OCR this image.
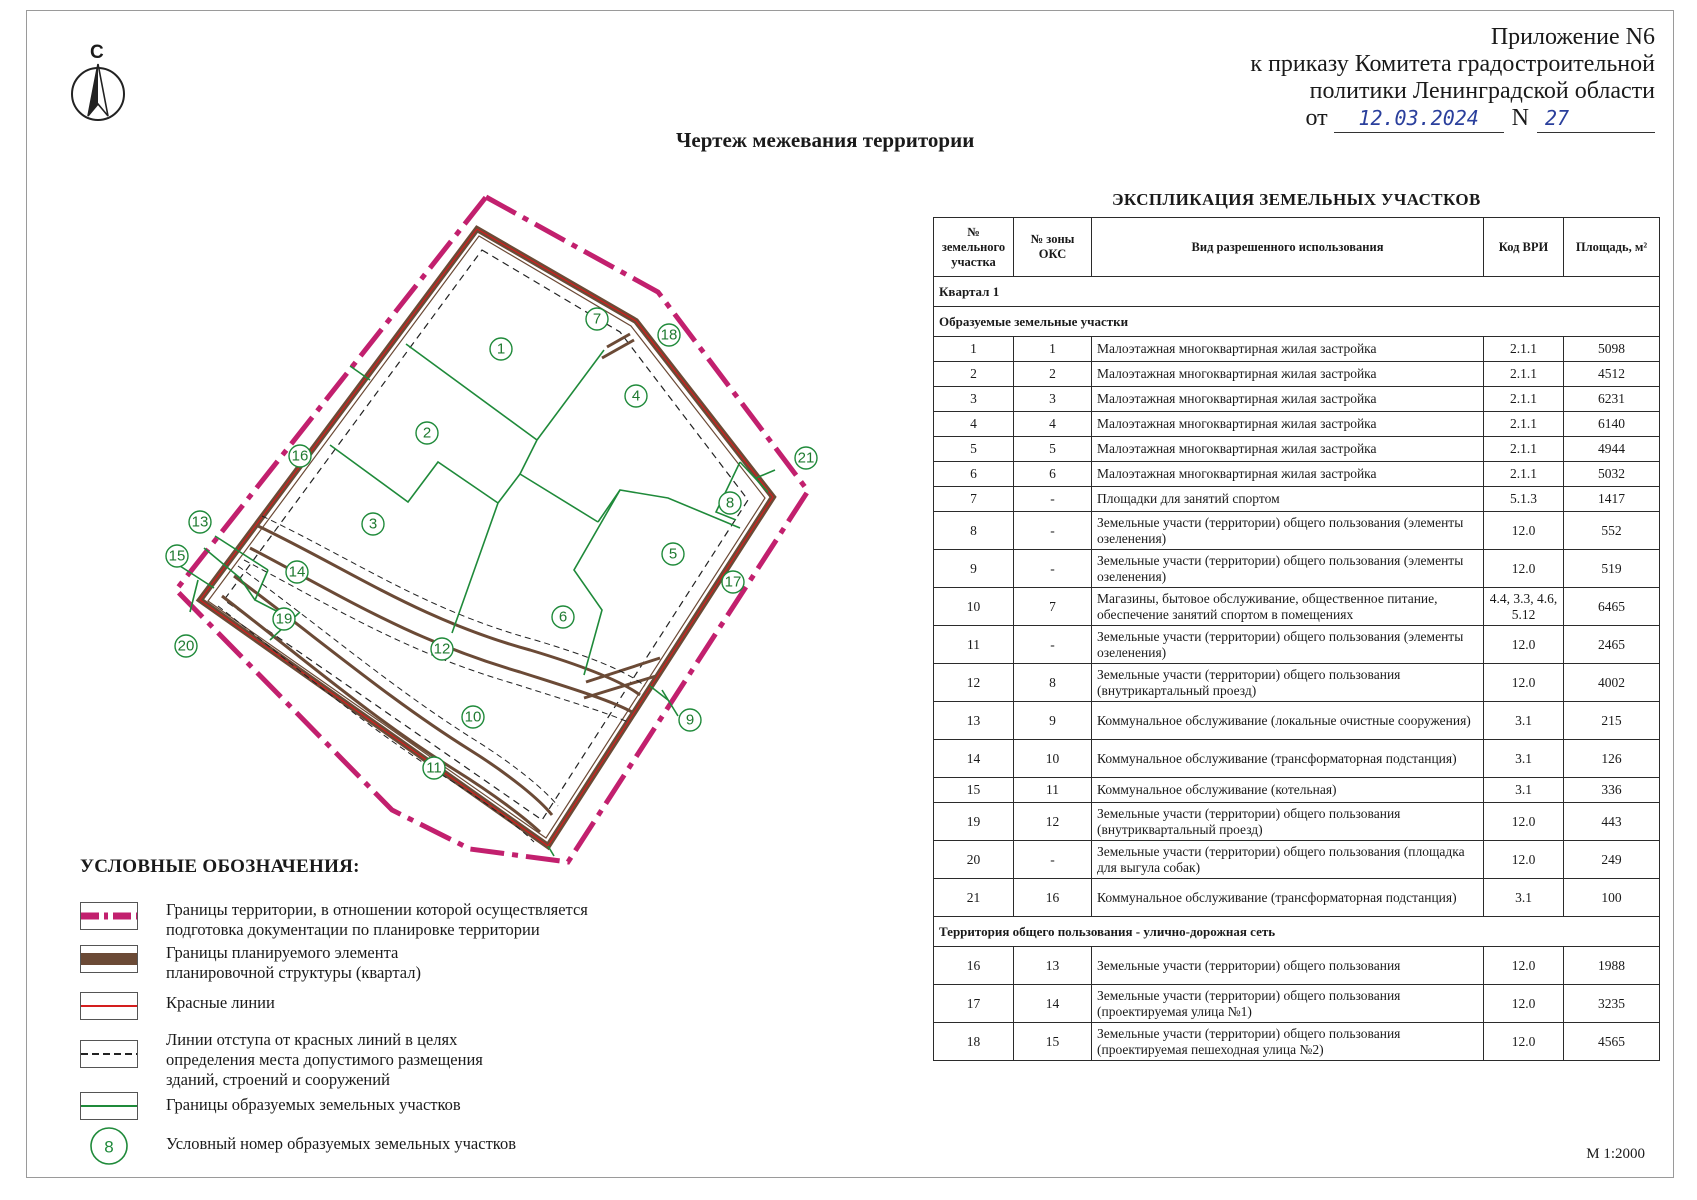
С
Приложение N6
к приказу Комитета градостроительной
политики Ленинградской области
от 12.03.2024 N 27
Чертеж межевания территории
1
2
3
4
5
6
7
8
9
10
11
12
13
14
15
16
17
18
19
20
21
УСЛОВНЫЕ ОБОЗНАЧЕНИЯ:
Границы территории, в отношении которой осуществляется подготовка документации по планировке территории
Границы планируемого элемента планировочной структуры (квартал)
Красные линии
Линии отступа от красных линий в целях определения места допустимого размещения зданий, строений и сооружений
Границы образуемых земельных участков
8	Условный номер образуемых земельных участков
ЭКСПЛИКАЦИЯ ЗЕМЕЛЬНЫХ УЧАСТКОВ
№ земельного участка	№ зоны ОКС	Вид разрешенного использования	Код ВРИ	Площадь, м²
Квартал 1				
Образуемые земельные участки				
1	1	Малоэтажная многоквартирная жилая застройка	2.1.1	5098
2	2	Малоэтажная многоквартирная жилая застройка	2.1.1	4512
3	3	Малоэтажная многоквартирная жилая застройка	2.1.1	6231
4	4	Малоэтажная многоквартирная жилая застройка	2.1.1	6140
5	5	Малоэтажная многоквартирная жилая застройка	2.1.1	4944
6	6	Малоэтажная многоквартирная жилая застройка	2.1.1	5032
7	-	Площадки для занятий спортом	5.1.3	1417
8	-	Земельные участи (территории) общего пользования (элементы озеленения)	12.0	552
9	-	Земельные участи (территории) общего пользования (элементы озеленения)	12.0	519
10	7	Магазины, бытовое обслуживание, общественное питание, обеспечение занятий спортом в помещениях	4.4, 3.3, 4.6, 5.12	6465
11	-	Земельные участи (территории) общего пользования (элементы озеленения)	12.0	2465
12	8	Земельные участи (территории) общего пользования (внутрикартальный проезд)	12.0	4002
13	9	Коммунальное обслуживание (локальные очистные сооружения)	3.1	215
14	10	Коммунальное обслуживание (трансформаторная подстанция)	3.1	126
15	11	Коммунальное обслуживание (котельная)	3.1	336
19	12	Земельные участи (территории) общего пользования (внутриквартальный проезд)	12.0	443
20	-	Земельные участи (территории) общего пользования (площадка для выгула собак)	12.0	249
21	16	Коммунальное обслуживание (трансформаторная подстанция)	3.1	100
Территория общего пользования - улично-дорожная сеть				
16	13	Земельные участи (территории) общего пользования	12.0	1988
17	14	Земельные участи (территории) общего пользования (проектируемая улица №1)	12.0	3235
18	15	Земельные участи (территории) общего пользования (проектируемая пешеходная улица №2)	12.0	4565
М 1:2000
